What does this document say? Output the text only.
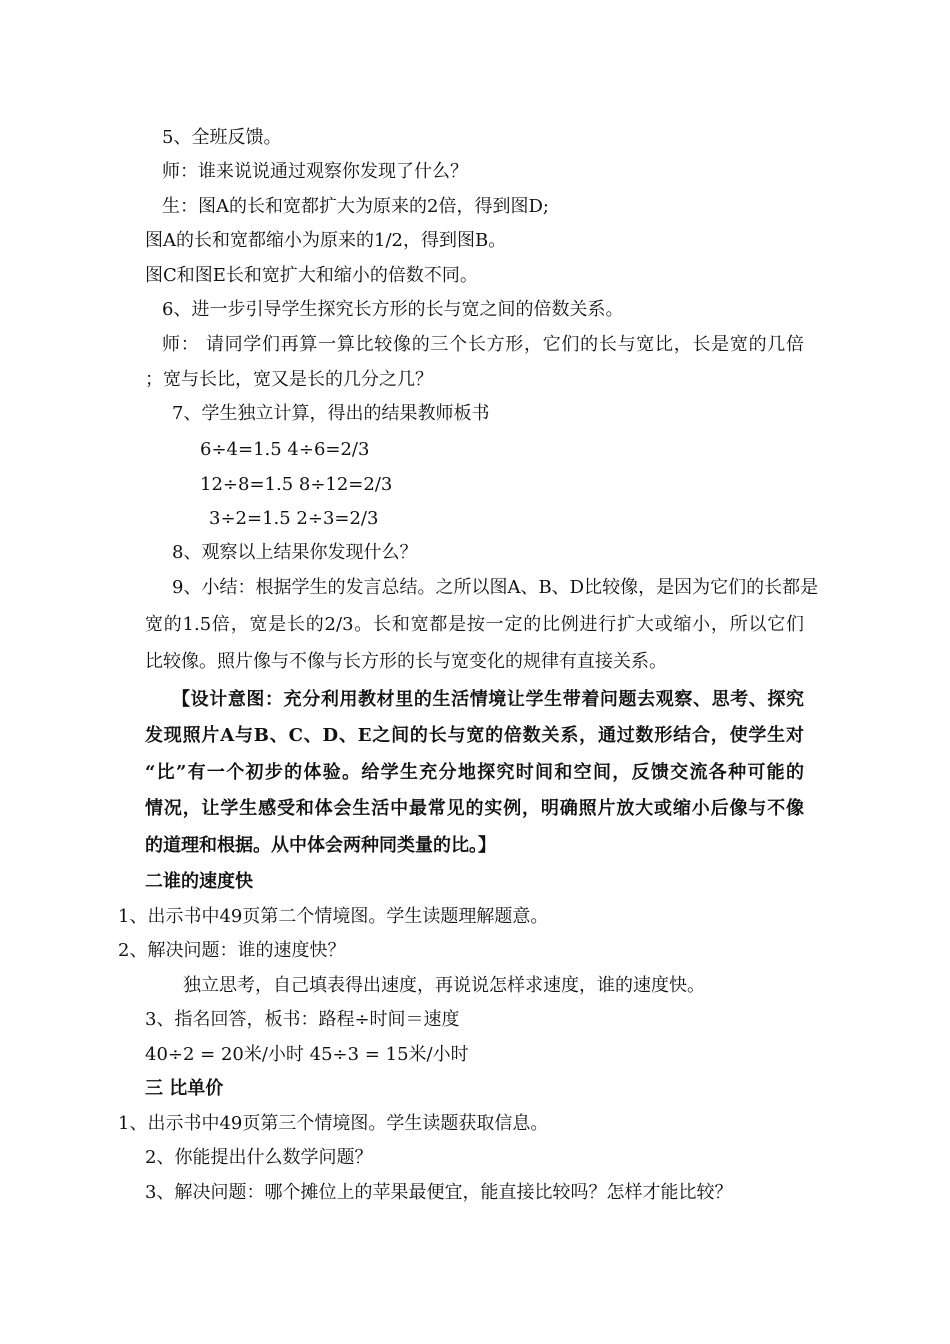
5、全班反馈。
师：谁来说说通过观察你发现了什么？
生：图A的长和宽都扩大为原来的2倍，得到图D;
图A的长和宽都缩小为原来的1/2，得到图B。
图C和图E长和宽扩大和缩小的倍数不同。
6、进一步引导学生探究长方形的长与宽之间的倍数关系。
师： 请同学们再算一算比较像的三个长方形，它们的长与宽比，长是宽的几倍
；宽与长比，宽又是长的几分之几？
7、学生独立计算，得出的结果教师板书
6÷4=1.5 4÷6=2/3
12÷8=1.5 8÷12=2/3
3÷2=1.5 2÷3=2/3
8、观察以上结果你发现什么？
9、小结：根据学生的发言总结。之所以图A、B、D比较像，是因为它们的长都是
宽的1.5倍，宽是长的2/3。长和宽都是按一定的比例进行扩大或缩小，所以它们
比较像。照片像与不像与长方形的长与宽变化的规律有直接关系。
【设计意图：充分利用教材里的生活情境让学生带着问题去观察、思考、探究
发现照片A与B、C、D、E之间的长与宽的倍数关系，通过数形结合，使学生对
“比”有一个初步的体验。给学生充分地探究时间和空间，反馈交流各种可能的
情况，让学生感受和体会生活中最常见的实例，明确照片放大或缩小后像与不像
的道理和根据。从中体会两种同类量的比。】
二谁的速度快
1、出示书中49页第二个情境图。学生读题理解题意。
2、解决问题：谁的速度快？
独立思考，自己填表得出速度，再说说怎样求速度，谁的速度快。
3、指名回答，板书：路程÷时间＝速度
40÷2 = 20米/小时 45÷3 = 15米/小时
三 比单价
1、出示书中49页第三个情境图。学生读题获取信息。
2、你能提出什么数学问题？
3、解决问题：哪个摊位上的苹果最便宜，能直接比较吗？怎样才能比较？
